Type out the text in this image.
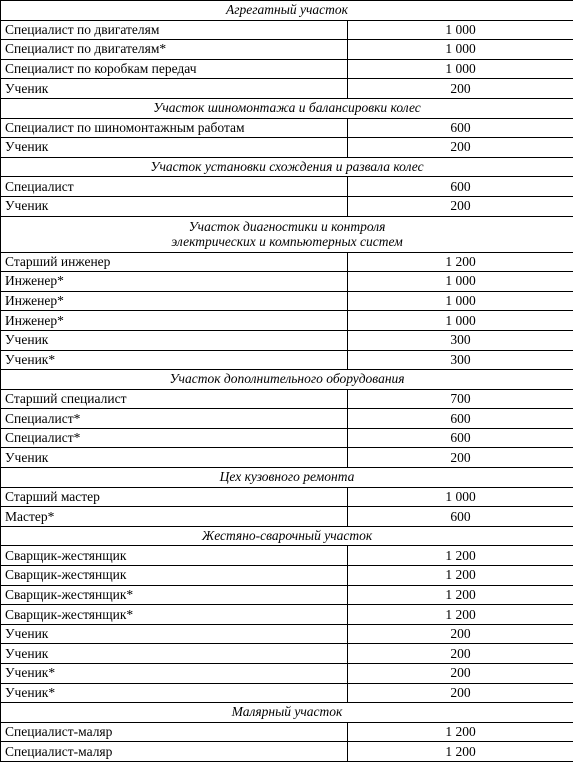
Агрегатный участок	

Специалист по двигателям	1 000
Специалист по двигателям*	1 000
Специалист по коробкам передач	1 000
Ученик	200

Участок шиномонтажа и балансировки колес	

Специалист по шиномонтажным работам	600
Ученик	200

Участок установки схождения и развала колес	

Специалист	600
Ученик	200

Участок диагностики и контроля
электрических и компьютерных систем	

Старший инженер	1 200
Инженер*	1 000
Инженер*	1 000
Инженер*	1 000
Ученик	300
Ученик*	300

Участок дополнительного оборудования	

Старший специалист	700
Специалист*	600
Специалист*	600
Ученик	200

Цех кузовного ремонта	

Старший мастер	1 000
Мастер*	600

Жестяно-сварочный участок	

Сварщик-жестянщик	1 200
Сварщик-жестянщик	1 200
Сварщик-жестянщик*	1 200
Сварщик-жестянщик*	1 200
Ученик	200
Ученик	200
Ученик*	200
Ученик*	200

Малярный участок	

Специалист-маляр	1 200
Специалист-маляр	1 200
